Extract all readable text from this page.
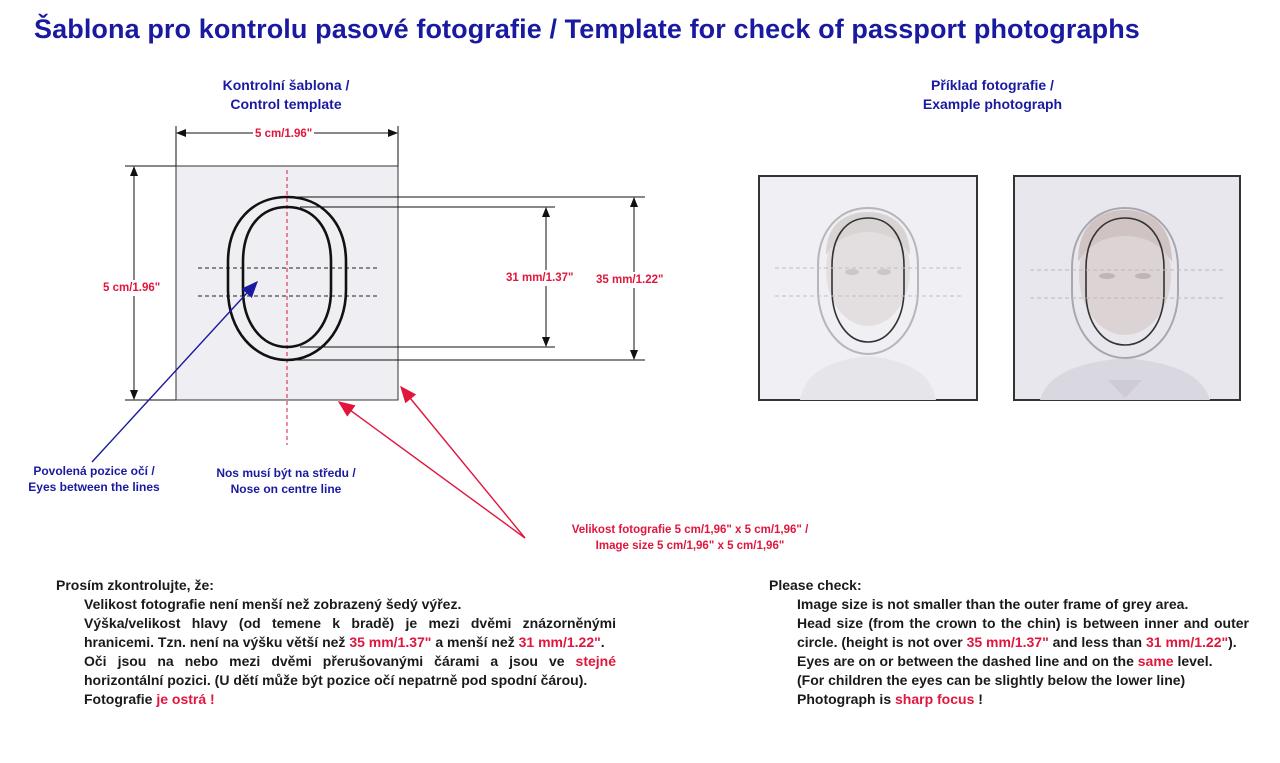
Šablona pro kontrolu pasové fotografie / Template for check of passport photographs
Kontrolní šablona /
Control template
Příklad fotografie /
Example photograph
5 cm/1.96"
5 cm/1.96"
31 mm/1.37" 35 mm/1.22"
Povolená pozice očí /
Eyes between the lines
Nos musí být na středu /
Nose on centre line
Velikost fotografie 5 cm/1,96" x 5 cm/1,96" /
Image size 5 cm/1,96" x 5 cm/1,96"
Prosím zkontrolujte, že:
Velikost fotografie není menší než zobrazený šedý výřez.
Výška/velikost hlavy (od temene k bradě) je mezi dvěmi znázorněnými hranicemi. Tzn. není na výšku větší než 35 mm/1.37" a menší než 31 mm/1.22".
Oči jsou na nebo mezi dvěmi přerušovanými čárami a jsou ve stejné horizontální pozici. (U dětí může být pozice očí nepatrně pod spodní čárou).
Fotografie je ostrá !
Please check:
Image size is not smaller than the outer frame of grey area.
Head size (from the crown to the chin) is between inner and outer circle. (height is not over 35 mm/1.37" and less than 31 mm/1.22").
Eyes are on or between the dashed line and on the same level.
(For children the eyes can be slightly below the lower line)
Photograph is sharp focus !
